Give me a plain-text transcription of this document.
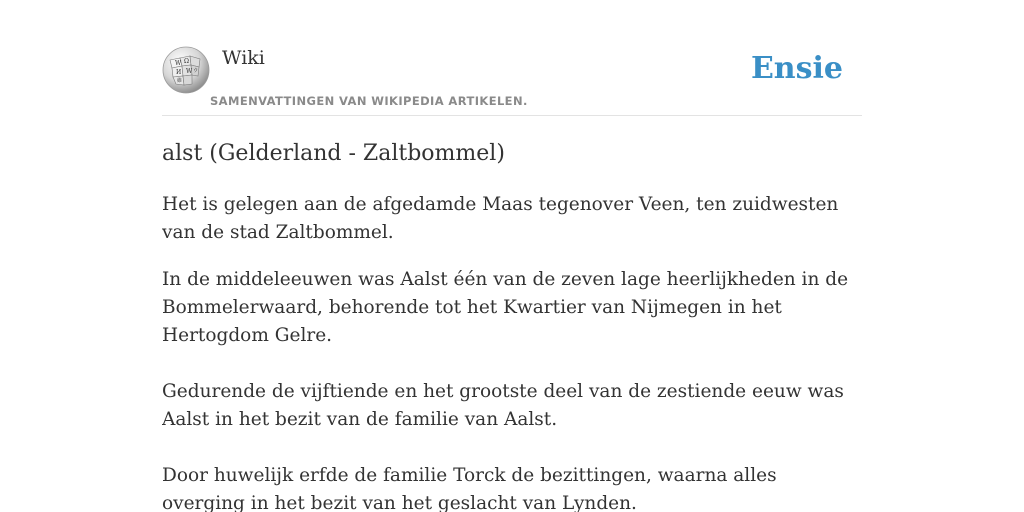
W Ω
И W ウ
維
Wiki
SAMENVATTINGEN VAN WIKIPEDIA ARTIKELEN.
Ensie
alst (Gelderland - Zaltbommel)

Het is gelegen aan de afgedamde Maas tegenover Veen, ten zuidwesten van de stad Zaltbommel.

In de middeleeuwen was Aalst één van de zeven lage heerlijkheden in de Bommelerwaard, behorende tot het Kwartier van Nijmegen in het Hertogdom Gelre.

Gedurende de vijftiende en het grootste deel van de zestiende eeuw was Aalst in het bezit van de familie van Aalst.

Door huwelijk erfde de familie Torck de bezittingen, waarna alles overging in het bezit van het geslacht van Lynden.
